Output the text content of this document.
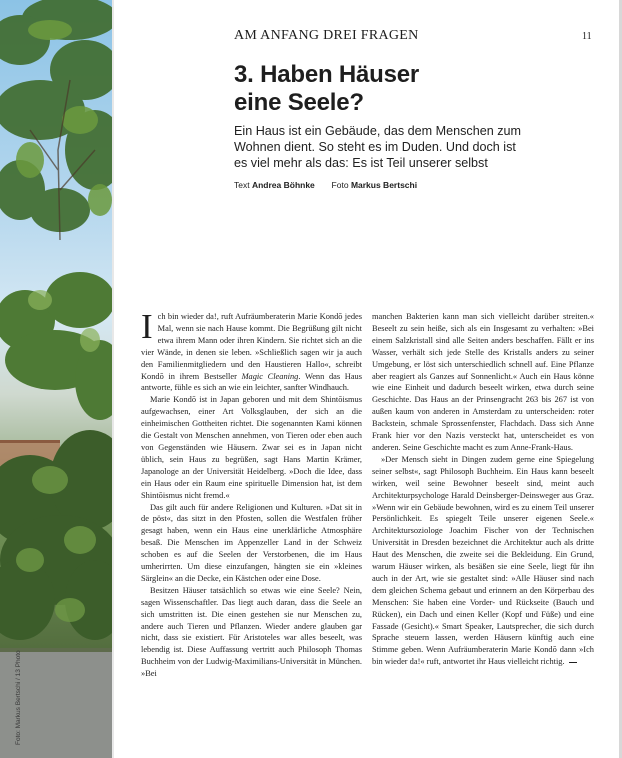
Foto: Markus Bertschi / 13 Photo
AM ANFANG DREI FRAGEN	11
3. Haben Häuser
eine Seele?
Ein Haus ist ein Gebäude, das dem Menschen zum
Wohnen dient. So steht es im Duden. Und doch ist
es viel mehr als das: Es ist Teil unserer selbst
Text Andrea Böhnke Foto Markus Bertschi

Ich bin wieder da!, ruft Aufräumberaterin Marie Kondō jedes Mal, wenn sie nach Hause kommt. Die Begrüßung gilt nicht etwa ihrem Mann oder ihren Kindern. Sie richtet sich an die vier Wände, in denen sie leben. »Schließlich sagen wir ja auch den Familienmitgliedern und den Haustieren Hallo«, schreibt Kondō in ihrem Bestseller Magic Cleaning. Wenn das Haus antworte, fühle es sich an wie ein leichter, sanfter Windhauch.

Marie Kondō ist in Japan geboren und mit dem Shintōismus aufgewachsen, einer Art Volksglauben, der sich an die einheimischen Gottheiten richtet. Die sogenannten Kami können die Gestalt von Menschen annehmen, von Tieren oder eben auch von Gegenständen wie Häusern. Zwar sei es in Japan nicht üblich, sein Haus zu begrüßen, sagt Hans Martin Krämer, Japanologe an der Universität Heidelberg. »Doch die Idee, dass ein Haus oder ein Raum eine spirituelle Dimension hat, ist dem Shintōismus nicht fremd.«

Das gilt auch für andere Religionen und Kulturen. »Dat sit in de pöst«, das sitzt in den Pfosten, sollen die Westfalen früher gesagt haben, wenn ein Haus eine unerklärliche Atmosphäre besaß. Die Menschen im Appenzeller Land in der Schweiz schoben es auf die Seelen der Verstorbenen, die im Haus umherirrten. Um diese einzufangen, hängten sie ein »kleines Särglein« an die Decke, ein Kästchen oder eine Dose.

Besitzen Häuser tatsächlich so etwas wie eine Seele? Nein, sagen Wissenschaftler. Das liegt auch daran, dass die Seele an sich umstritten ist. Die einen gestehen sie nur Menschen zu, andere auch Tieren und Pflanzen. Wieder andere glauben gar nicht, dass sie existiert. Für Aristoteles war alles beseelt, was lebendig ist. Diese Auffassung vertritt auch Philosoph Thomas Buchheim von der Ludwig-Maximilians-Universität in München. »Bei

manchen Bakterien kann man sich vielleicht darüber streiten.« Beseelt zu sein heiße, sich als ein Insgesamt zu verhalten: »Bei einem Salzkristall sind alle Seiten anders beschaffen. Fällt er ins Wasser, verhält sich jede Stelle des Kristalls anders zu seiner Umgebung, er löst sich unterschiedlich schnell auf. Eine Pflanze aber reagiert als Ganzes auf Sonnenlicht.« Auch ein Haus könne wie eine Einheit und dadurch beseelt wirken, etwa durch seine Geschichte. Das Haus an der Prinsengracht 263 bis 267 ist von außen kaum von anderen in Amsterdam zu unterscheiden: roter Backstein, schmale Sprossenfenster, Flachdach. Dass sich Anne Frank hier vor den Nazis versteckt hat, unterscheidet es von anderen. Seine Geschichte macht es zum Anne-Frank-Haus.

»Der Mensch sieht in Dingen zudem gerne eine Spiegelung seiner selbst«, sagt Philosoph Buchheim. Ein Haus kann beseelt wirken, weil seine Bewohner beseelt sind, meint auch Architekturpsychologe Harald Deinsberger-Deinsweger aus Graz. »Wenn wir ein Gebäude bewohnen, wird es zu einem Teil unserer Persönlichkeit. Es spiegelt Teile unserer eigenen Seele.« Architektursoziologe Joachim Fischer von der Technischen Universität in Dresden bezeichnet die Architektur auch als dritte Haut des Menschen, die zweite sei die Bekleidung. Ein Grund, warum Häuser wirken, als besäßen sie eine Seele, liegt für ihn auch in der Art, wie sie gestaltet sind: »Alle Häuser sind nach dem gleichen Schema gebaut und erinnern an den Körperbau des Menschen: Sie haben eine Vorder- und Rückseite (Bauch und Rücken), ein Dach und einen Keller (Kopf und Füße) und eine Fassade (Gesicht).« Smart Speaker, Lautsprecher, die sich durch Sprache steuern lassen, werden Häusern künftig auch eine Stimme geben. Wenn Aufräumberaterin Marie Kondō dann »Ich bin wieder da!« ruft, antwortet ihr Haus vielleicht richtig.
